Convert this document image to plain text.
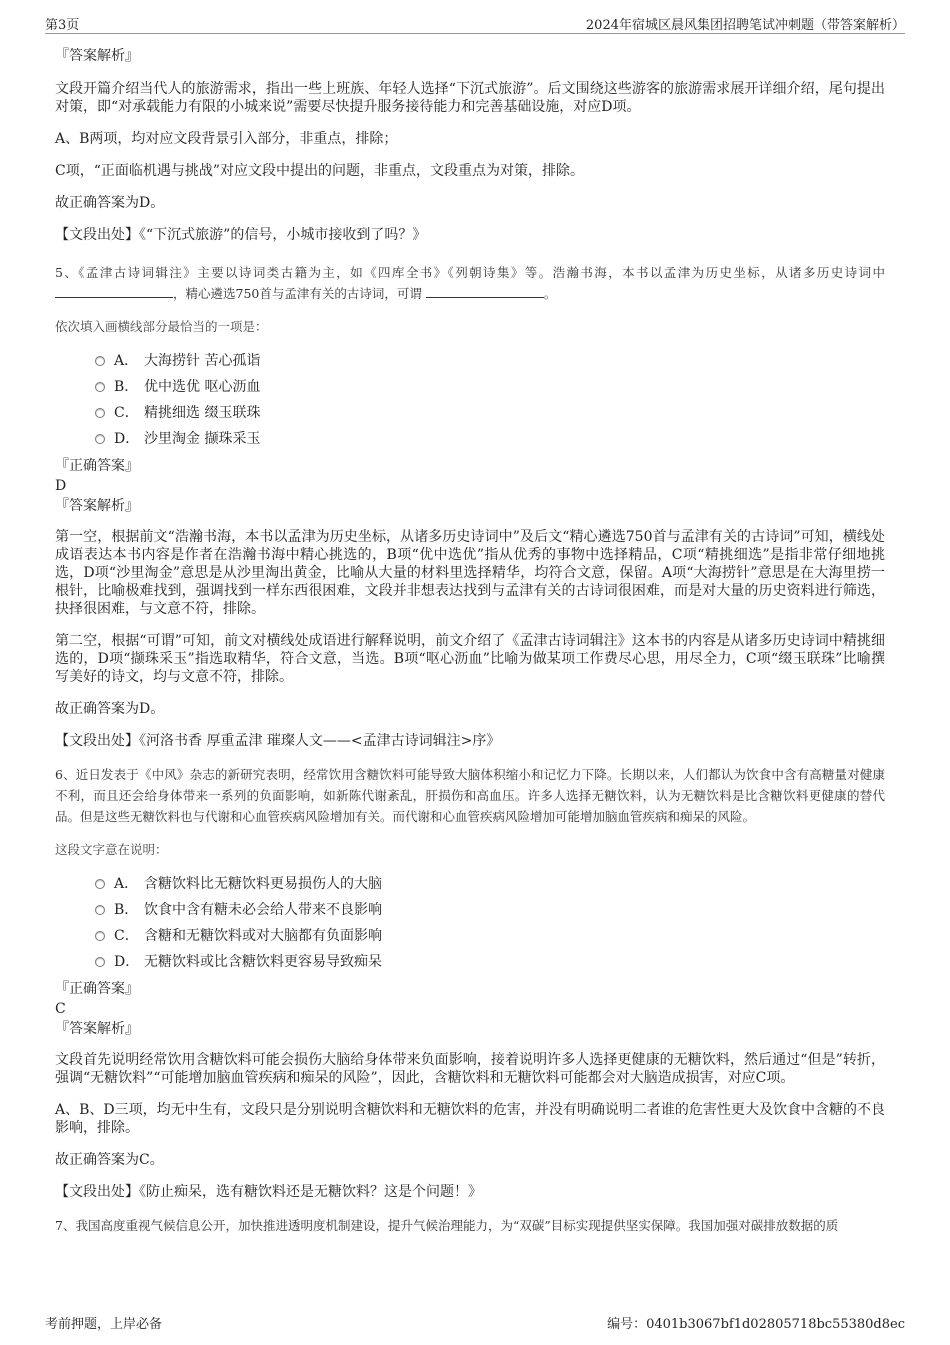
第3页	2024年宿城区晨风集团招聘笔试冲刺题（带答案解析）
『答案解析』
文段开篇介绍当代人的旅游需求，指出一些上班族、年轻人选择“下沉式旅游”。后文围绕这些游客的旅游需求展开详细介绍，尾句提出对策，即“对承载能力有限的小城来说”需要尽快提升服务接待能力和完善基础设施，对应D项。
A、B两项，均对应文段背景引入部分，非重点，排除；
C项，“正面临机遇与挑战”对应文段中提出的问题，非重点，文段重点为对策，排除。
故正确答案为D。
【文段出处】《“下沉式旅游”的信号，小城市接收到了吗？》
5、《孟津古诗词辑注》主要以诗词类古籍为主，如《四库全书》《列朝诗集》等。浩瀚书海，本书以孟津为历史坐标，从诸多历史诗词中 ，精心遴选750首与孟津有关的古诗词，可谓	。
依次填入画横线部分最恰当的一项是：
A． 大海捞针 苦心孤诣
B． 优中选优 呕心沥血
C． 精挑细选 缀玉联珠
D． 沙里淘金 撷珠采玉
『正确答案』
D
『答案解析』
第一空，根据前文“浩瀚书海，本书以孟津为历史坐标，从诸多历史诗词中”及后文“精心遴选750首与孟津有关的古诗词”可知，横线处成语表达本书内容是作者在浩瀚书海中精心挑选的，B项“优中选优”指从优秀的事物中选择精品，C项“精挑细选”是指非常仔细地挑选，D项“沙里淘金”意思是从沙里淘出黄金，比喻从大量的材料里选择精华，均符合文意，保留。A项“大海捞针”意思是在大海里捞一根针，比喻极难找到，强调找到一样东西很困难，文段并非想表达找到与孟津有关的古诗词很困难，而是对大量的历史资料进行筛选，抉择很困难，与文意不符，排除。
第二空，根据“可谓”可知，前文对横线处成语进行解释说明，前文介绍了《孟津古诗词辑注》这本书的内容是从诸多历史诗词中精挑细选的，D项“撷珠采玉”指选取精华，符合文意，当选。B项“呕心沥血”比喻为做某项工作费尽心思，用尽全力，C项“缀玉联珠”比喻撰写美好的诗文，均与文意不符，排除。
故正确答案为D。
【文段出处】《河洛书香 厚重孟津 璀璨人文——<孟津古诗词辑注>序》
6、近日发表于《中风》杂志的新研究表明，经常饮用含糖饮料可能导致大脑体积缩小和记忆力下降。长期以来，人们都认为饮食中含有高糖量对健康不利，而且还会给身体带来一系列的负面影响，如新陈代谢紊乱，肝损伤和高血压。许多人选择无糖饮料，认为无糖饮料是比含糖饮料更健康的替代品。但是这些无糖饮料也与代谢和心血管疾病风险增加有关。而代谢和心血管疾病风险增加可能增加脑血管疾病和痴呆的风险。
这段文字意在说明：
A． 含糖饮料比无糖饮料更易损伤人的大脑
B． 饮食中含有糖未必会给人带来不良影响
C． 含糖和无糖饮料或对大脑都有负面影响
D． 无糖饮料或比含糖饮料更容易导致痴呆
『正确答案』
C
『答案解析』
文段首先说明经常饮用含糖饮料可能会损伤大脑给身体带来负面影响，接着说明许多人选择更健康的无糖饮料，然后通过“但是”转折，强调“无糖饮料”“可能增加脑血管疾病和痴呆的风险”，因此，含糖饮料和无糖饮料可能都会对大脑造成损害，对应C项。
A、B、D三项，均无中生有，文段只是分别说明含糖饮料和无糖饮料的危害，并没有明确说明二者谁的危害性更大及饮食中含糖的不良影响，排除。
故正确答案为C。
【文段出处】《防止痴呆，选有糖饮料还是无糖饮料？这是个问题！》
7、我国高度重视气候信息公开，加快推进透明度机制建设，提升气候治理能力，为“双碳”目标实现提供坚实保障。我国加强对碳排放数据的质
考前押题，上岸必备	编号：0401b3067bf1d02805718bc55380d8ec
